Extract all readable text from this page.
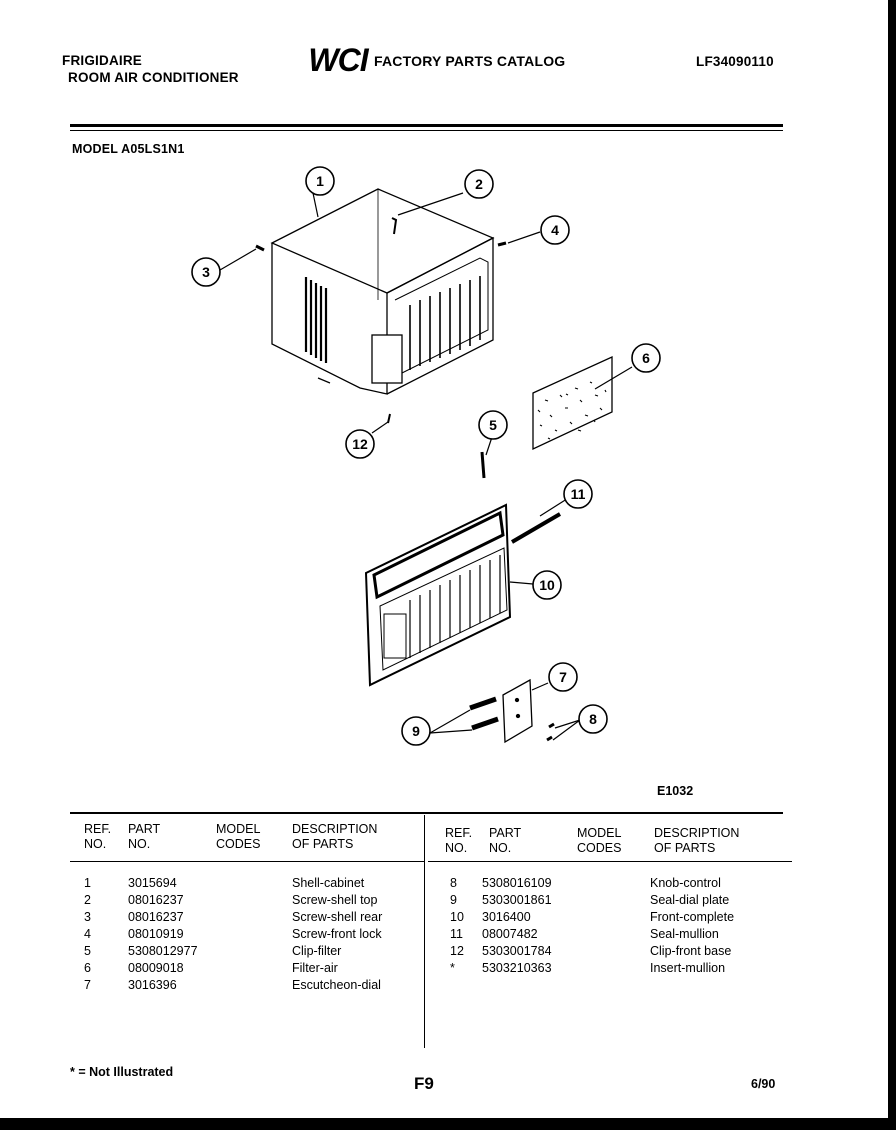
FRIGIDAIRE
ROOM AIR CONDITIONER WCI FACTORY PARTS CATALOG	LF34090110
MODEL A05LS1N1
1	2
3
4
5
6
7
8
9
10
11
12
E1032
REF.
NO.
PART
NO.
MODEL
CODES
DESCRIPTION
OF PARTS
REF.
NO.
PART
NO.
MODEL
CODES
DESCRIPTION
OF PARTS
1	3015694		Shell-cabinet
2	08016237		Screw-shell top
3	08016237		Screw-shell rear
4	08010919		Screw-front lock
5	5308012977		Clip-filter
6	08009018		Filter-air
7	3016396		Escutcheon-dial
8	5308016109		Knob-control
9	5303001861		Seal-dial plate
10	3016400		Front-complete
11	08007482		Seal-mullion
12	5303001784		Clip-front base
*	5303210363		Insert-mullion
* = Not Illustrated
F9	6/90
